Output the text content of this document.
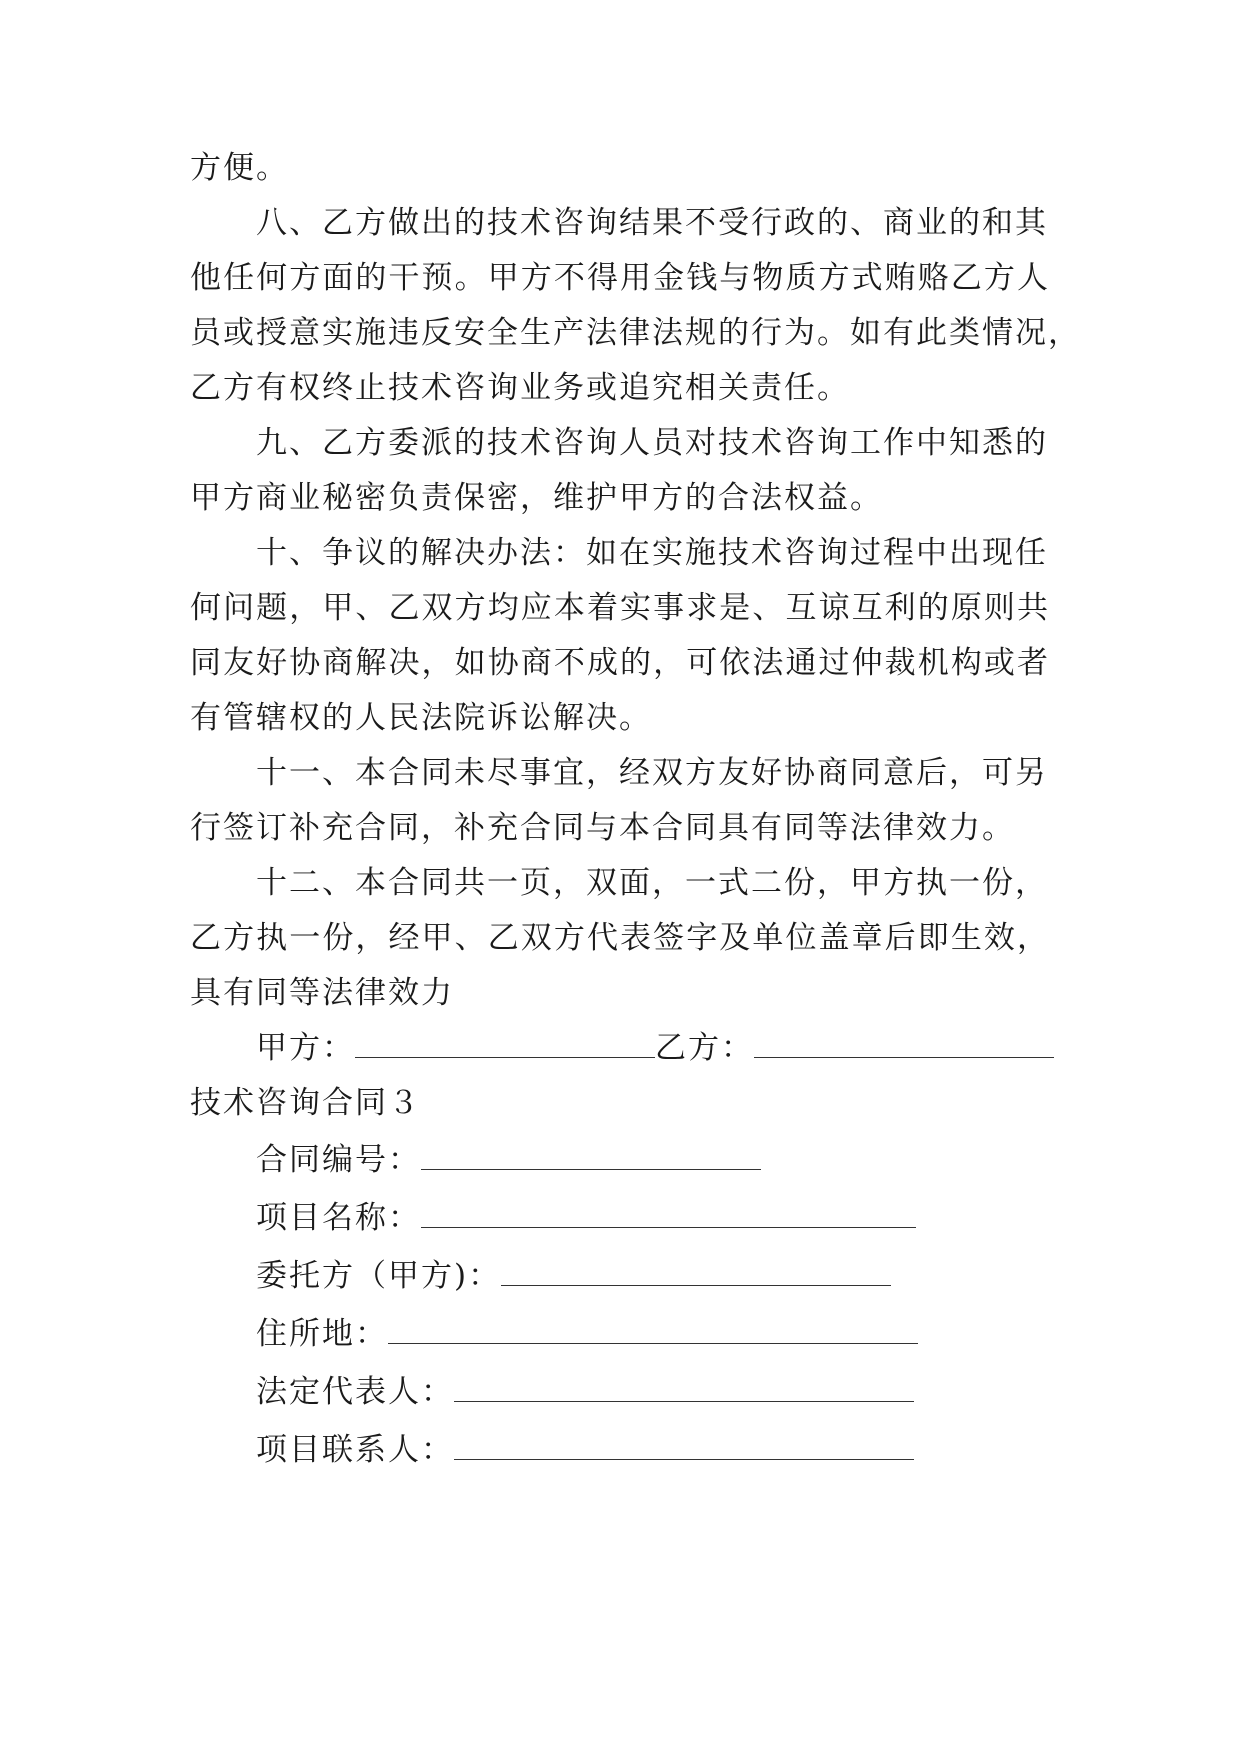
方便。
八、乙方做出的技术咨询结果不受行政的、商业的和其
他任何方面的干预。甲方不得用金钱与物质方式贿赂乙方人
员或授意实施违反安全生产法律法规的行为。如有此类情况，
乙方有权终止技术咨询业务或追究相关责任。
九、乙方委派的技术咨询人员对技术咨询工作中知悉的
甲方商业秘密负责保密，维护甲方的合法权益。
十、争议的解决办法：如在实施技术咨询过程中出现任
何问题，甲、乙双方均应本着实事求是、互谅互利的原则共
同友好协商解决，如协商不成的，可依法通过仲裁机构或者
有管辖权的人民法院诉讼解决。
十一、本合同未尽事宜，经双方友好协商同意后，可另
行签订补充合同，补充合同与本合同具有同等法律效力。
十二、本合同共一页，双面，一式二份，甲方执一份，
乙方执一份，经甲、乙双方代表签字及单位盖章后即生效，
具有同等法律效力
甲方：	乙方：
技术咨询合同３
合同编号：
项目名称：
委托方（甲方)：
住所地：
法定代表人：
项目联系人：
